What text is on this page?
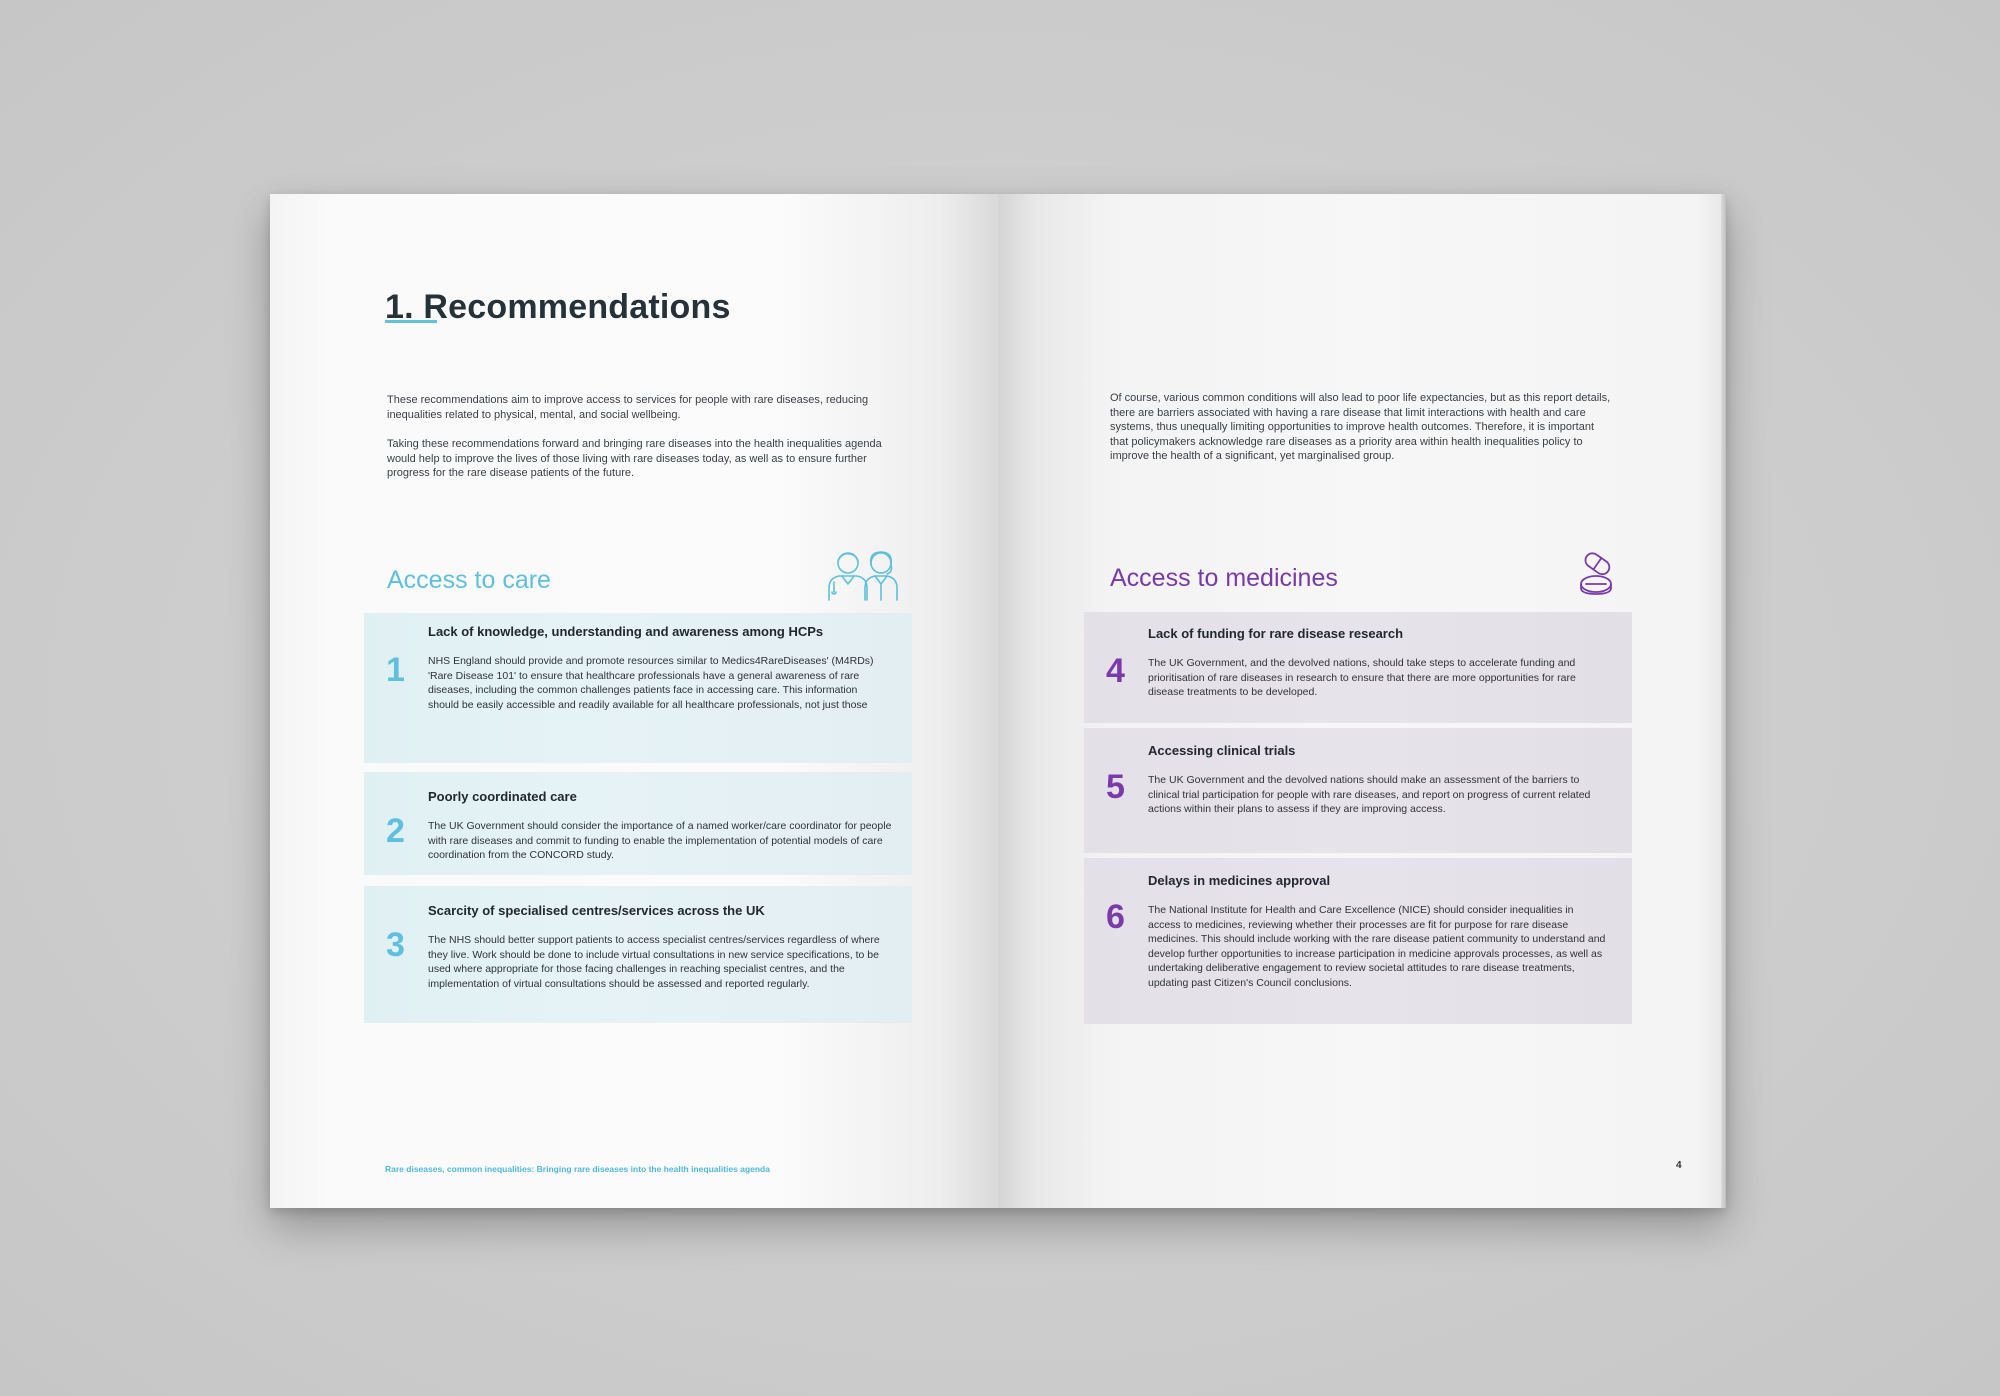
1. Recommendations
These recommendations aim to improve access to services for people with rare diseases, reducing inequalities related to physical, mental, and social wellbeing.
Taking these recommendations forward and bringing rare diseases into the health inequalities agenda would help to improve the lives of those living with rare diseases today, as well as to ensure further progress for the rare disease patients of the future.
Access to care
1
Lack of knowledge, understanding and awareness among HCPs
NHS England should provide and promote resources similar to Medics4RareDiseases' (M4RDs) 'Rare Disease 101' to ensure that healthcare professionals have a general awareness of rare diseases, including the common challenges patients face in accessing care. This information should be easily accessible and readily available for all healthcare professionals, not just those
2
Poorly coordinated care
The UK Government should consider the importance of a named worker/care coordinator for people with rare diseases and commit to funding to enable the implementation of potential models of care coordination from the CONCORD study.
3
Scarcity of specialised centres/services across the UK
The NHS should better support patients to access specialist centres/services regardless of where they live. Work should be done to include virtual consultations in new service specifications, to be used where appropriate for those facing challenges in reaching specialist centres, and the implementation of virtual consultations should be assessed and reported regularly.
Rare diseases, common inequalities: Bringing rare diseases into the health inequalities agenda
Of course, various common conditions will also lead to poor life expectancies, but as this report details, there are barriers associated with having a rare disease that limit interactions with health and care systems, thus unequally limiting opportunities to improve health outcomes. Therefore, it is important that policymakers acknowledge rare diseases as a priority area within health inequalities policy to improve the health of a significant, yet marginalised group.
Access to medicines
4
Lack of funding for rare disease research
The UK Government, and the devolved nations, should take steps to accelerate funding and prioritisation of rare diseases in research to ensure that there are more opportunities for rare disease treatments to be developed.
5
Accessing clinical trials
The UK Government and the devolved nations should make an assessment of the barriers to clinical trial participation for people with rare diseases, and report on progress of current related actions within their plans to assess if they are improving access.
6
Delays in medicines approval
The National Institute for Health and Care Excellence (NICE) should consider inequalities in access to medicines, reviewing whether their processes are fit for purpose for rare disease medicines. This should include working with the rare disease patient community to understand and develop further opportunities to increase participation in medicine approvals processes, as well as undertaking deliberative engagement to review societal attitudes to rare disease treatments, updating past Citizen's Council conclusions.
4
